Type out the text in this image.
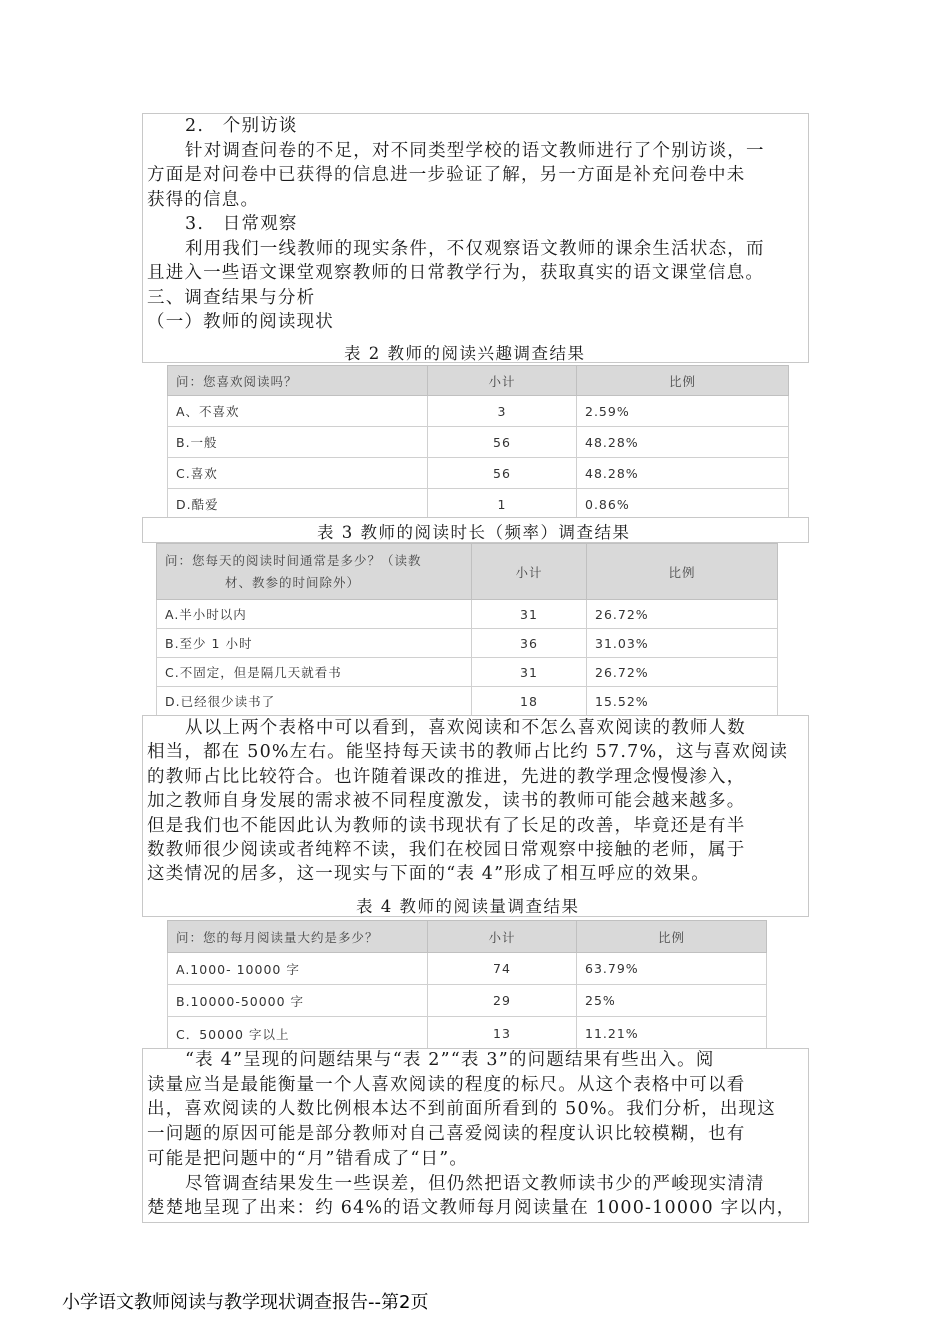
2.　个别访谈
针对调查问卷的不足，对不同类型学校的语文教师进行了个别访谈，一
方面是对问卷中已获得的信息进一步验证了解，另一方面是补充问卷中未
获得的信息。
3.　日常观察
利用我们一线教师的现实条件，不仅观察语文教师的课余生活状态，而
且进入一些语文课堂观察教师的日常教学行为，获取真实的语文课堂信息。
三、调查结果与分析
（一）教师的阅读现状
表 2 教师的阅读兴趣调查结果
问：您喜欢阅读吗？	小计	比例
A、不喜欢	3	2.59%
B.一般	56	48.28%
C.喜欢	56	48.28%
D.酷爱	1	0.86%
表 3 教师的阅读时长（频率）调查结果
问：您每天的阅读时间通常是多少？（读教
材、教参的时间除外）	小计	比例
A.半小时以内	31	26.72%
B.至少 1 小时	36	31.03%
C.不固定，但是隔几天就看书	31	26.72%
D.已经很少读书了	18	15.52%
从以上两个表格中可以看到，喜欢阅读和不怎么喜欢阅读的教师人数
相当，都在 50%左右。能坚持每天读书的教师占比约 57.7%，这与喜欢阅读
的教师占比比较符合。也许随着课改的推进，先进的教学理念慢慢渗入，
加之教师自身发展的需求被不同程度激发，读书的教师可能会越来越多。
但是我们也不能因此认为教师的读书现状有了长足的改善，毕竟还是有半
数教师很少阅读或者纯粹不读，我们在校园日常观察中接触的老师，属于
这类情况的居多，这一现实与下面的“表 4”形成了相互呼应的效果。
表 4 教师的阅读量调查结果
问：您的每月阅读量大约是多少？	小计	比例
A.1000- 10000 字	74	63.79%
B.10000-50000 字	29	25%
C．50000 字以上	13	11.21%
“表 4”呈现的问题结果与“表 2”“表 3”的问题结果有些出入。阅
读量应当是最能衡量一个人喜欢阅读的程度的标尺。从这个表格中可以看
出，喜欢阅读的人数比例根本达不到前面所看到的 50%。我们分析，出现这
一问题的原因可能是部分教师对自己喜爱阅读的程度认识比较模糊，也有
可能是把问题中的“月”错看成了“日”。
尽管调查结果发生一些误差，但仍然把语文教师读书少的严峻现实清清
楚楚地呈现了出来：约 64%的语文教师每月阅读量在 1000-10000 字以内，
小学语文教师阅读与教学现状调查报告--第2页
